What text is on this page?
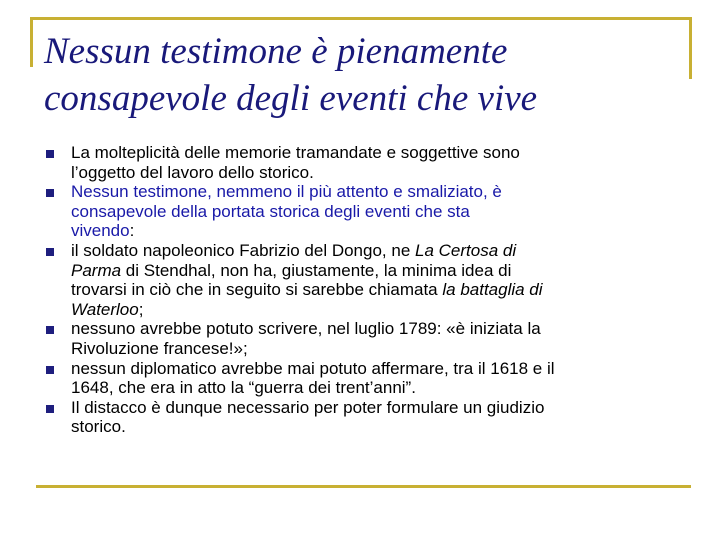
Nessun testimone è pienamente
consapevole degli eventi che vive
La molteplicità delle memorie tramandate e soggettive sono
l’oggetto del lavoro dello storico.
Nessun testimone, nemmeno il più attento e smaliziato, è
consapevole della portata storica degli eventi che sta
vivendo:
il soldato napoleonico Fabrizio del Dongo, ne La Certosa di
Parma di Stendhal, non ha, giustamente, la minima idea di
trovarsi in ciò che in seguito si sarebbe chiamata la battaglia di
Waterloo;
nessuno avrebbe potuto scrivere, nel luglio 1789: «è iniziata la
Rivoluzione francese!»;
nessun diplomatico avrebbe mai potuto affermare, tra il 1618 e il
1648, che era in atto la “guerra dei trent’anni”.
Il distacco è dunque necessario per poter formulare un giudizio
storico.
